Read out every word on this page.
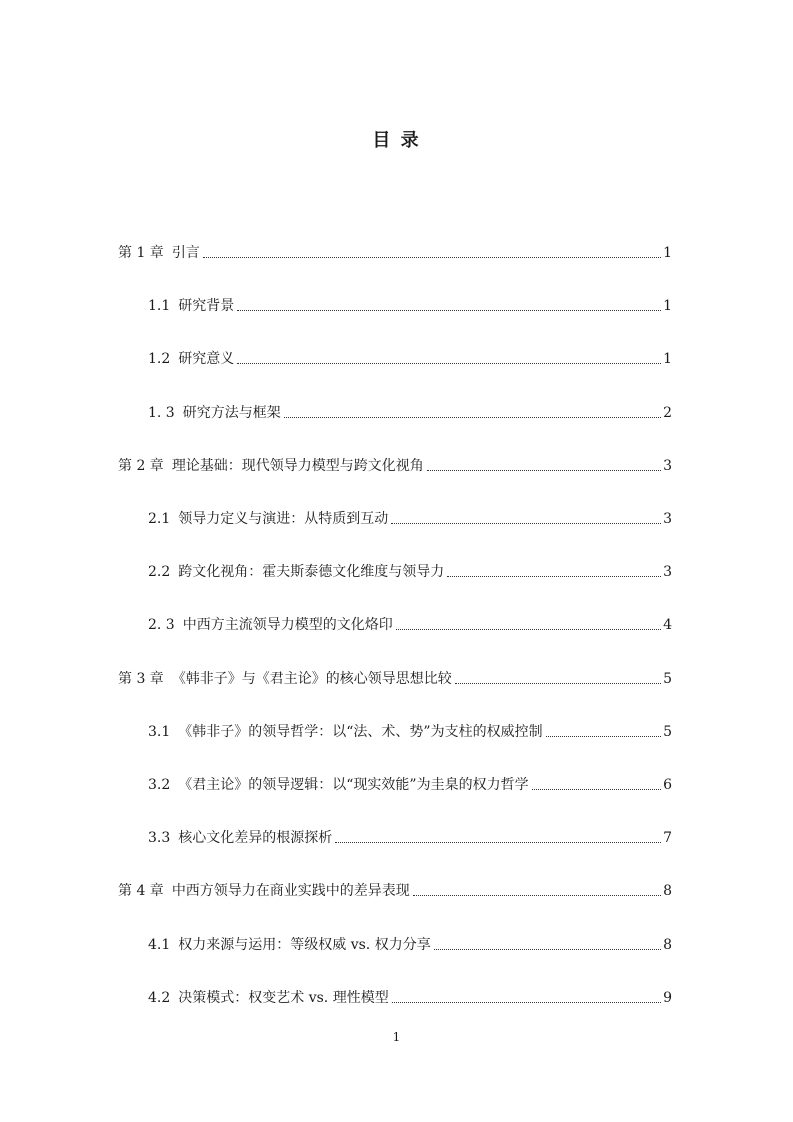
目 录
第 1 章 引言	1
1.1 研究背景	1
1.2 研究意义	1
1. 3 研究方法与框架	2
第 2 章 理论基础：现代领导力模型与跨文化视角	3
2.1 领导力定义与演进：从特质到互动	3
2.2 跨文化视角：霍夫斯泰德文化维度与领导力	3
2. 3 中西方主流领导力模型的文化烙印	4
第 3 章 《韩非子》与《君主论》的核心领导思想比较	5
3.1 《韩非子》的领导哲学：以“法、术、势”为支柱的权威控制	5
3.2 《君主论》的领导逻辑：以“现实效能”为圭臬的权力哲学	6
3.3 核心文化差异的根源探析	7
第 4 章 中西方领导力在商业实践中的差异表现	8
4.1 权力来源与运用：等级权威 vs. 权力分享	8
4.2 决策模式：权变艺术 vs. 理性模型	9
1
